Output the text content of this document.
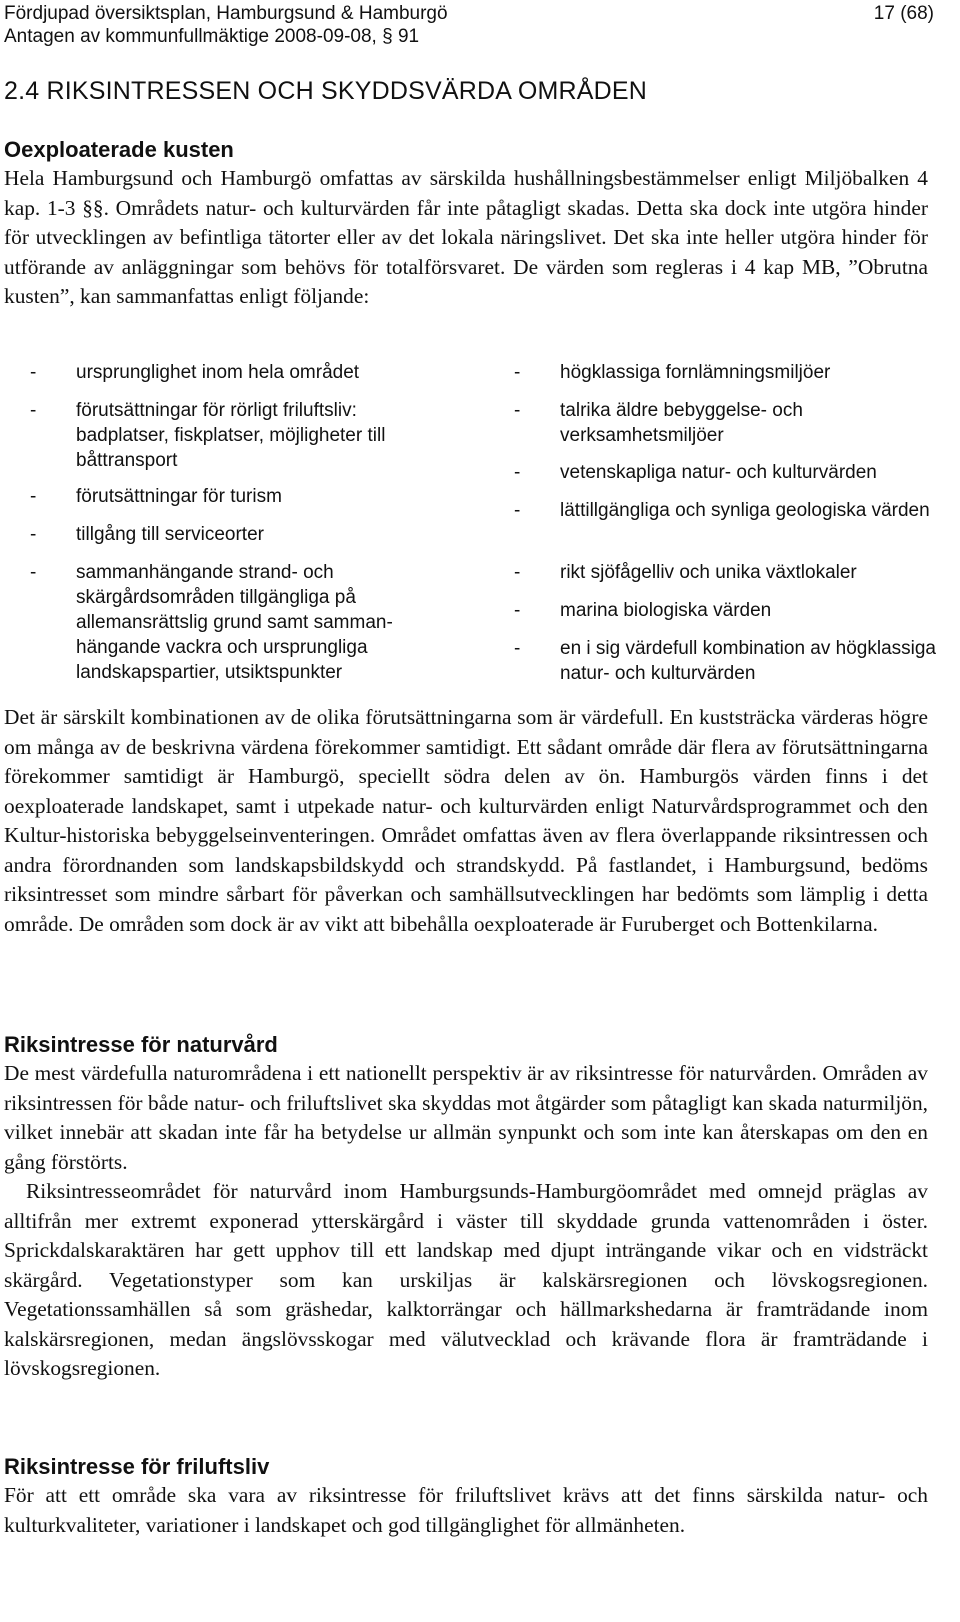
Fördjupad översiktsplan, Hamburgsund & Hamburgö	17 (68)
Antagen av kommunfullmäktige 2008-09-08, § 91
2.4 RIKSINTRESSEN OCH SKYDDSVÄRDA OMRÅDEN
Oexploaterade kusten

Hela Hamburgsund och Hamburgö omfattas av särskilda hushållningsbestämmelser enligt Miljöbalken 4 kap. 1-3 §§. Områdets natur- och kulturvärden får inte påtagligt skadas. Detta ska dock inte utgöra hinder för utvecklingen av befintliga tätorter eller av det lokala näringslivet. Det ska inte heller utgöra hinder för utförande av anläggningar som behövs för totalförsvaret. De värden som regleras i 4 kap MB, ”Obrutna kusten”, kan sammanfattas enligt följande:

- ursprunglighet inom hela området
- förutsättningar för rörligt friluftsliv: badplatser, fiskplatser, möjligheter till båttransport
- förutsättningar för turism
- tillgång till serviceorter
- sammanhängande strand- och skärgårdsområden tillgängliga på allemansrättslig grund samt samman-hängande vackra och ursprungliga landskapspartier, utsiktspunkter
- högklassiga fornlämningsmiljöer
- talrika äldre bebyggelse- och verksamhetsmiljöer
- vetenskapliga natur- och kulturvärden
- lättillgängliga och synliga geologiska värden
- rikt sjöfågelliv och unika växtlokaler
- marina biologiska värden
- en i sig värdefull kombination av högklassiga natur- och kulturvärden

Det är särskilt kombinationen av de olika förutsättningarna som är värdefull. En kuststräcka värderas högre om många av de beskrivna värdena förekommer samtidigt. Ett sådant område där flera av förutsättningarna förekommer samtidigt är Hamburgö, speciellt södra delen av ön. Hamburgös värden finns i det oexploaterade landskapet, samt i utpekade natur- och kulturvärden enligt Naturvårdsprogrammet och den Kultur-historiska bebyggelseinventeringen. Området omfattas även av flera överlappande riksintressen och andra förordnanden som landskapsbildskydd och strandskydd. På fastlandet, i Hamburgsund, bedöms riksintresset som mindre sårbart för påverkan och samhällsutvecklingen har bedömts som lämplig i detta område. De områden som dock är av vikt att bibehålla oexploaterade är Furuberget och Bottenkilarna.

Riksintresse för naturvård

De mest värdefulla naturområdena i ett nationellt perspektiv är av riksintresse för naturvården. Områden av riksintressen för både natur- och friluftslivet ska skyddas mot åtgärder som påtagligt kan skada naturmiljön, vilket innebär att skadan inte får ha betydelse ur allmän synpunkt och som inte kan återskapas om den en gång förstörts.

Riksintresseområdet för naturvård inom Hamburgsunds-Hamburgöområdet med omnejd präglas av alltifrån mer extremt exponerad ytterskärgård i väster till skyddade grunda vattenområden i öster. Sprickdalskaraktären har gett upphov till ett landskap med djupt inträngande vikar och en vidsträckt skärgård. Vegetationstyper som kan urskiljas är kalskärsregionen och lövskogsregionen. Vegetationssamhällen så som gräshedar, kalktorrängar och hällmarkshedarna är framträdande inom kalskärsregionen, medan ängslövsskogar med välutvecklad och krävande flora är framträdande i lövskogsregionen.

Riksintresse för friluftsliv

För att ett område ska vara av riksintresse för friluftslivet krävs att det finns särskilda natur- och kulturkvaliteter, variationer i landskapet och god tillgänglighet för allmänheten.
